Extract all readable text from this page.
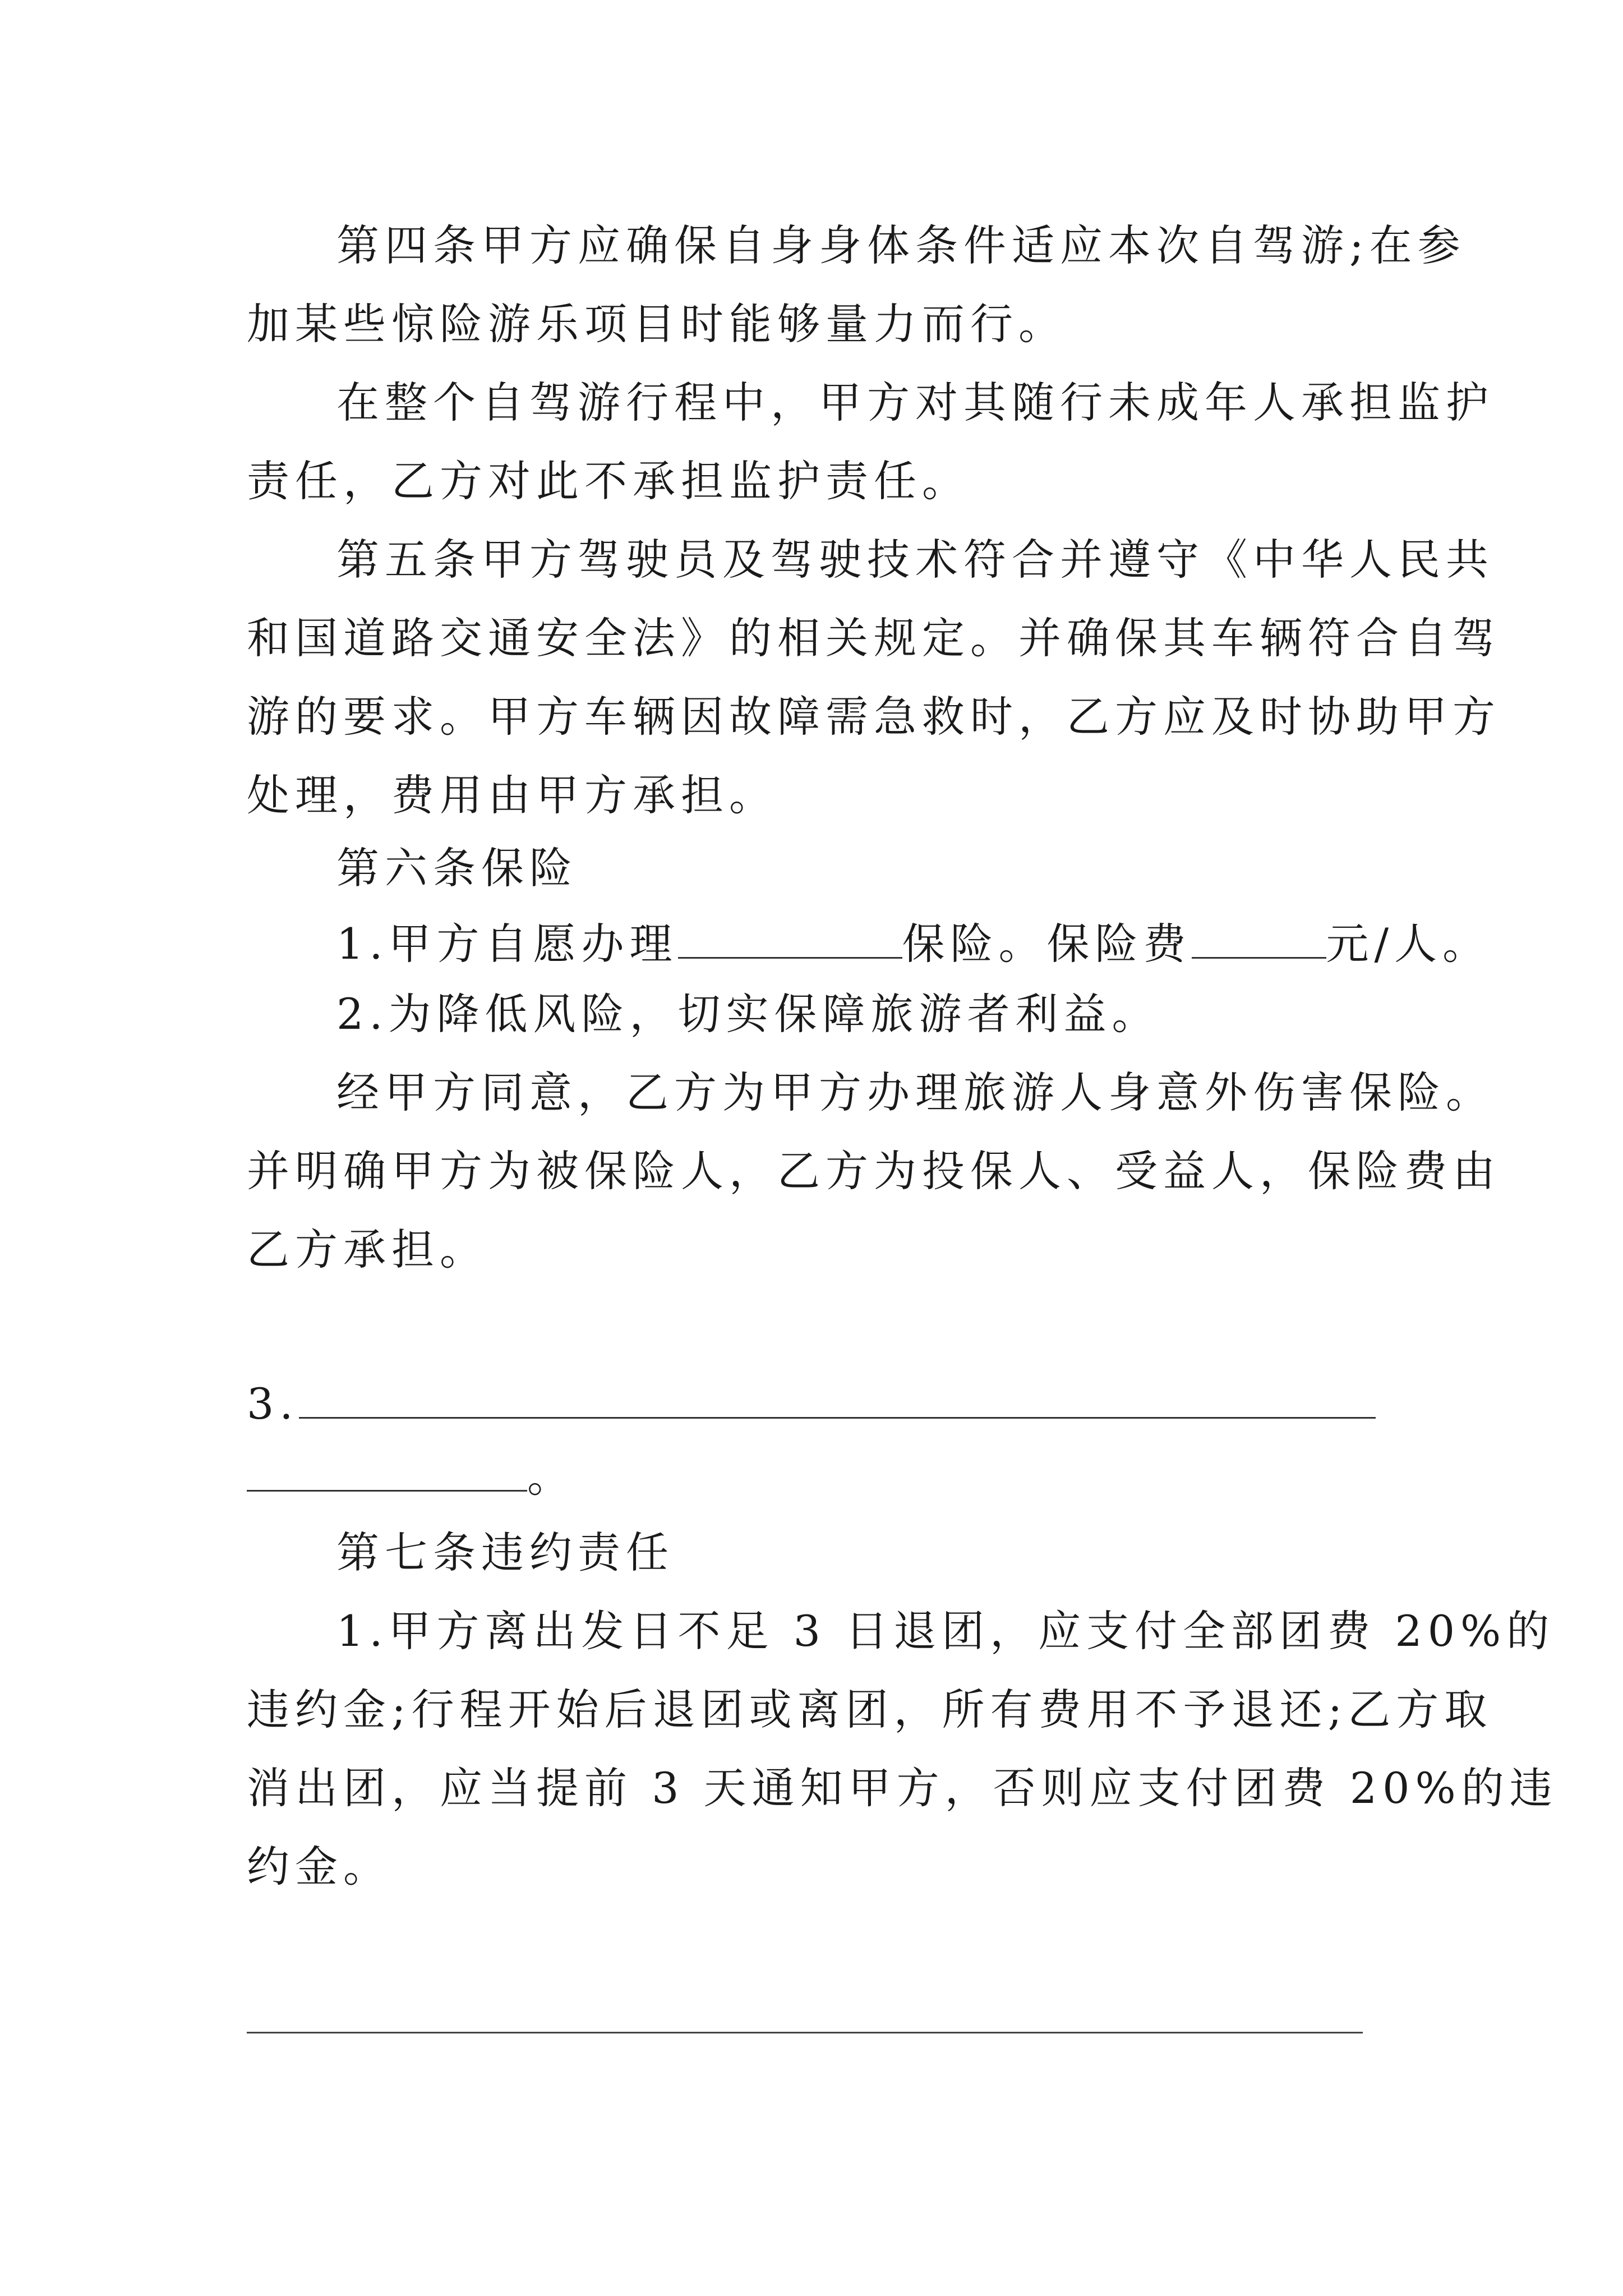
第四条甲方应确保自身身体条件适应本次自驾游;在参
加某些惊险游乐项目时能够量力而行。
在整个自驾游行程中，甲方对其随行未成年人承担监护
责任，乙方对此不承担监护责任。
第五条甲方驾驶员及驾驶技术符合并遵守《中华人民共
和国道路交通安全法》的相关规定。并确保其车辆符合自驾
游的要求。甲方车辆因故障需急救时，乙方应及时协助甲方
处理，费用由甲方承担。
第六条保险
1.甲方自愿办理	保险。保险费	元/人。
2.为降低风险，切实保障旅游者利益。
经甲方同意，乙方为甲方办理旅游人身意外伤害保险。
并明确甲方为被保险人，乙方为投保人、受益人，保险费由
乙方承担。
3.
。
第七条违约责任
1.甲方离出发日不足 3 日退团，应支付全部团费 20%的
违约金;行程开始后退团或离团，所有费用不予退还;乙方取
消出团，应当提前 3 天通知甲方，否则应支付团费 20%的违
约金。
